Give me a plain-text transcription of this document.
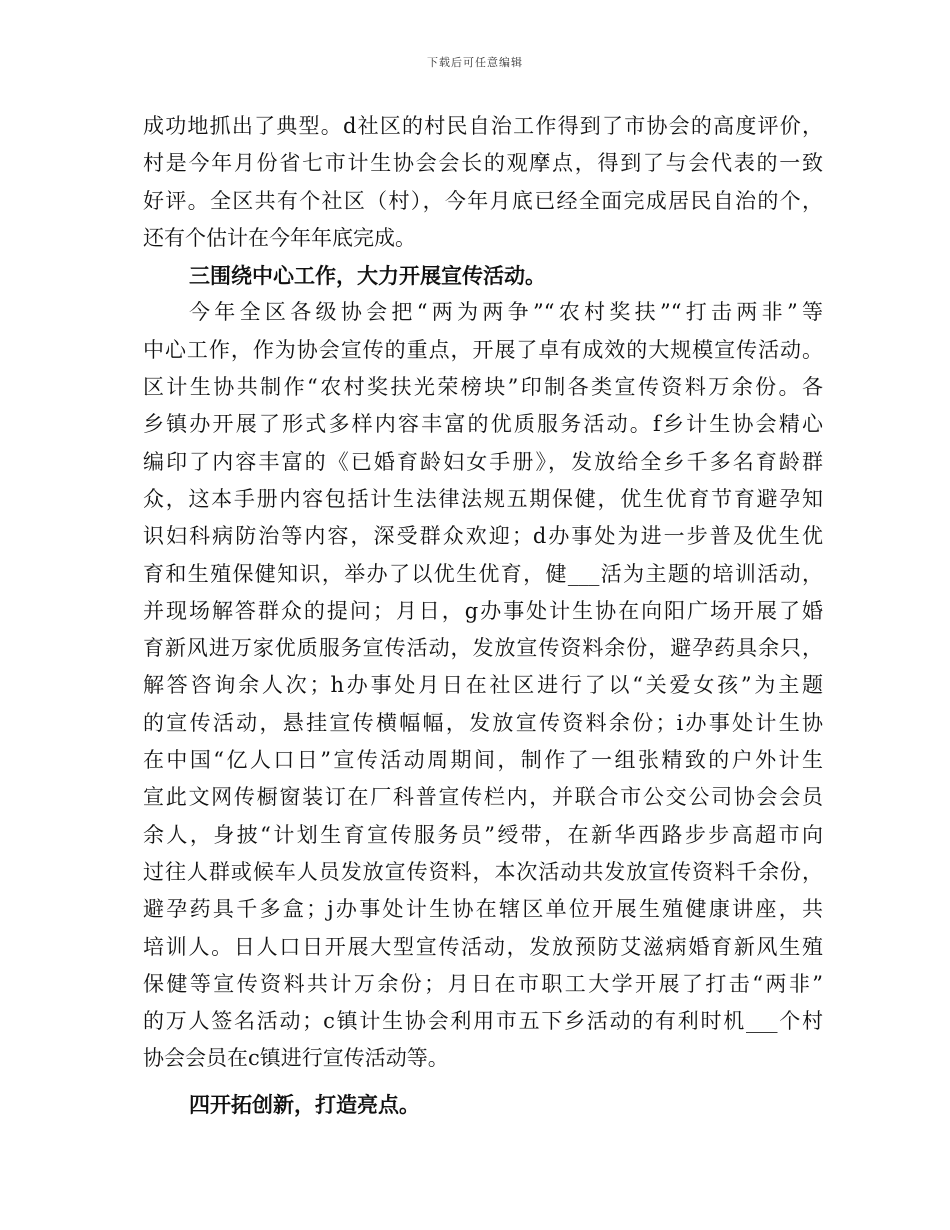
下载后可任意编辑
成功地抓出了典型。d社区的村民自治工作得到了市协会的高度评价，
村是今年月份省七市计生协会会长的观摩点，得到了与会代表的一致
好评。全区共有个社区（村），今年月底已经全面完成居民自治的个，
还有个估计在今年年底完成。
三围绕中心工作，大力开展宣传活动。
今年全区各级协会把“两为两争”“农村奖扶”“打击两非”等
中心工作，作为协会宣传的重点，开展了卓有成效的大规模宣传活动。
区计生协共制作“农村奖扶光荣榜块”印制各类宣传资料万余份。各
乡镇办开展了形式多样内容丰富的优质服务活动。f乡计生协会精心
编印了内容丰富的《已婚育龄妇女手册》，发放给全乡千多名育龄群
众，这本手册内容包括计生法律法规五期保健，优生优育节育避孕知
识妇科病防治等内容，深受群众欢迎；d办事处为进一步普及优生优
育和生殖保健知识，举办了以优生优育，健___活为主题的培训活动，
并现场解答群众的提问；月日，g办事处计生协在向阳广场开展了婚
育新风进万家优质服务宣传活动，发放宣传资料余份，避孕药具余只，
解答咨询余人次；h办事处月日在社区进行了以“关爱女孩”为主题
的宣传活动，悬挂宣传横幅幅，发放宣传资料余份；i办事处计生协
在中国“亿人口日”宣传活动周期间，制作了一组张精致的户外计生
宣此文网传橱窗装订在厂科普宣传栏内，并联合市公交公司协会会员
余人，身披“计划生育宣传服务员”绶带，在新华西路步步高超市向
过往人群或候车人员发放宣传资料，本次活动共发放宣传资料千余份，
避孕药具千多盒；j办事处计生协在辖区单位开展生殖健康讲座，共
培训人。日人口日开展大型宣传活动，发放预防艾滋病婚育新风生殖
保健等宣传资料共计万余份；月日在市职工大学开展了打击“两非”
的万人签名活动；c镇计生协会利用市五下乡活动的有利时机___个村
协会会员在c镇进行宣传活动等。
四开拓创新，打造亮点。
